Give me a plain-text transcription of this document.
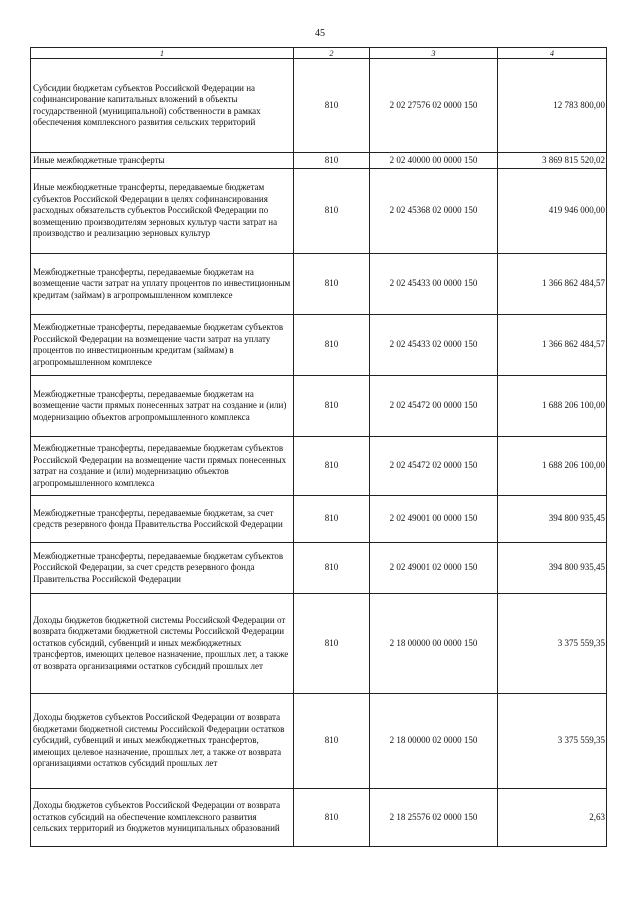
45
1	2	3	4
Субсидии бюджетам субъектов Российской Федерации на софинансирование капитальных вложений в объекты государственной (муниципальной) собственности в рамках обеспечения комплексного развития сельских территорий	810	2 02 27576 02 0000 150	12 783 800,00
Иные межбюджетные трансферты	810	2 02 40000 00 0000 150	3 869 815 520,02
Иные межбюджетные трансферты, передаваемые бюджетам субъектов Российской Федерации в целях софинансирования расходных обязательств субъектов Российской Федерации по возмещению производителям зерновых культур части затрат на производство и реализацию зерновых культур	810	2 02 45368 02 0000 150	419 946 000,00
Межбюджетные трансферты, передаваемые бюджетам на возмещение части затрат на уплату процентов по инвестиционным кредитам (займам) в агропромышленном комплексе	810	2 02 45433 00 0000 150	1 366 862 484,57
Межбюджетные трансферты, передаваемые бюджетам субъектов Российской Федерации на возмещение части затрат на уплату процентов по инвестиционным кредитам (займам) в агропромышленном комплексе	810	2 02 45433 02 0000 150	1 366 862 484,57
Межбюджетные трансферты, передаваемые бюджетам на возмещение части прямых понесенных затрат на создание и (или) модернизацию объектов агропромышленного комплекса	810	2 02 45472 00 0000 150	1 688 206 100,00
Межбюджетные трансферты, передаваемые бюджетам субъектов Российской Федерации на возмещение части прямых понесенных затрат на создание и (или) модернизацию объектов агропромышленного комплекса	810	2 02 45472 02 0000 150	1 688 206 100,00
Межбюджетные трансферты, передаваемые бюджетам, за счет средств резервного фонда Правительства Российской Федерации	810	2 02 49001 00 0000 150	394 800 935,45
Межбюджетные трансферты, передаваемые бюджетам субъектов Российской Федерации, за счет средств резервного фонда Правительства Российской Федерации	810	2 02 49001 02 0000 150	394 800 935,45
Доходы бюджетов бюджетной системы Российской Федерации от возврата бюджетами бюджетной системы Российской Федерации остатков субсидий, субвенций и иных межбюджетных трансфертов, имеющих целевое назначение, прошлых лет, а также от возврата организациями остатков субсидий прошлых лет	810	2 18 00000 00 0000 150	3 375 559,35
Доходы бюджетов субъектов Российской Федерации от возврата бюджетами бюджетной системы Российской Федерации остатков субсидий, субвенций и иных межбюджетных трансфертов, имеющих целевое назначение, прошлых лет, а также от возврата организациями остатков субсидий прошлых лет	810	2 18 00000 02 0000 150	3 375 559,35
Доходы бюджетов субъектов Российской Федерации от возврата остатков субсидий на обеспечение комплексного развития сельских территорий из бюджетов муниципальных образований	810	2 18 25576 02 0000 150	2,63
